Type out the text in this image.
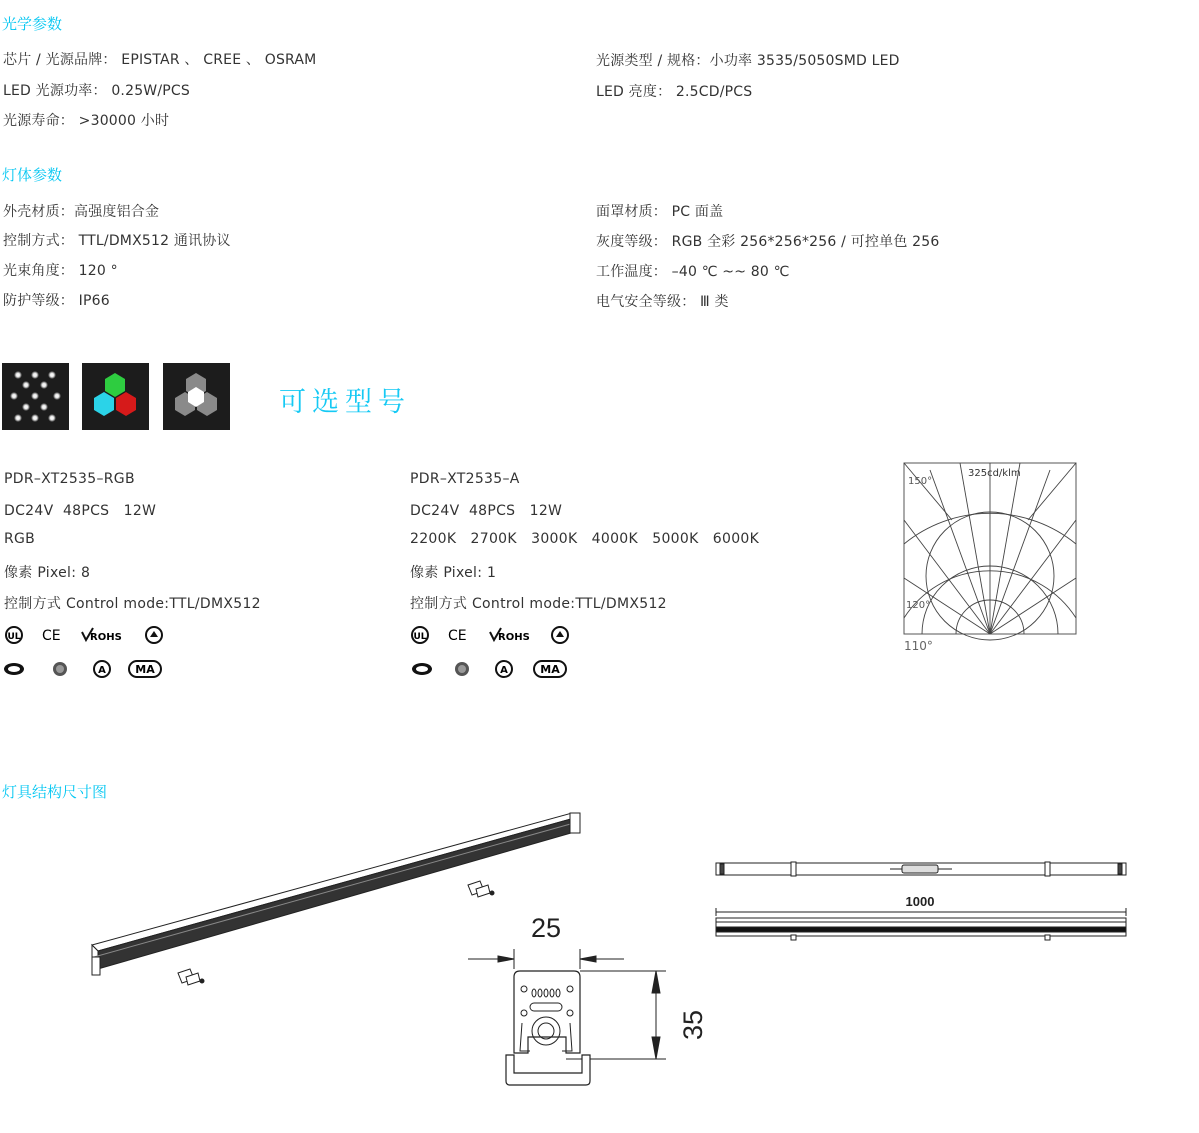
光学参数
芯片 / 光源品牌： EPISTAR 、 CREE 、 OSRAM
LED 光源功率： 0.25W/PCS
光源寿命： >30000 小时
光源类型 / 规格：小功率 3535/5050SMD LED
LED 亮度： 2.5CD/PCS
灯体参数
外壳材质：高强度铝合金
控制方式： TTL/DMX512 通讯协议
光束角度： 120 °
防护等级： IP66
面罩材质： PC 面盖
灰度等级： RGB 全彩 256*256*256 / 可控单色 256
工作温度： –40 ℃ ~~ 80 ℃
电气安全等级： Ⅲ 类
可选型号
PDR–XT2535–RGB
DC24V  48PCS   12W
RGB
像素 Pixel: 8
控制方式 Control mode:TTL/DMX512
PDR–XT2535–A
DC24V  48PCS   12W
2200K   2700K   3000K   4000K   5000K   6000K
像素 Pixel: 1
控制方式 Control mode:TTL/DMX512
UL CE	ROHS
A	MA
UL CE	ROHS
A	MA
325cd/klm
150°
120°
110°
灯具结构尺寸图
25
35
1000
